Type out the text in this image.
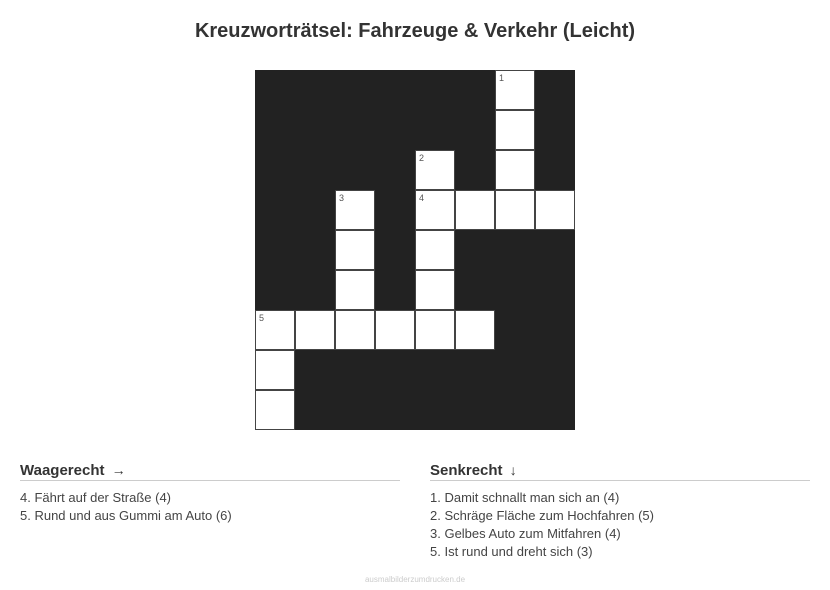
Kreuzworträtsel: Fahrzeuge & Verkehr (Leicht)
1
2
3	4
5
Waagerecht →
4. Fährt auf der Straße (4)
5. Rund und aus Gummi am Auto (6)
Senkrecht ↓
1. Damit schnallt man sich an (4)
2. Schräge Fläche zum Hochfahren (5)
3. Gelbes Auto zum Mitfahren (4)
5. Ist rund und dreht sich (3)
ausmalbilderzumdrucken.de
